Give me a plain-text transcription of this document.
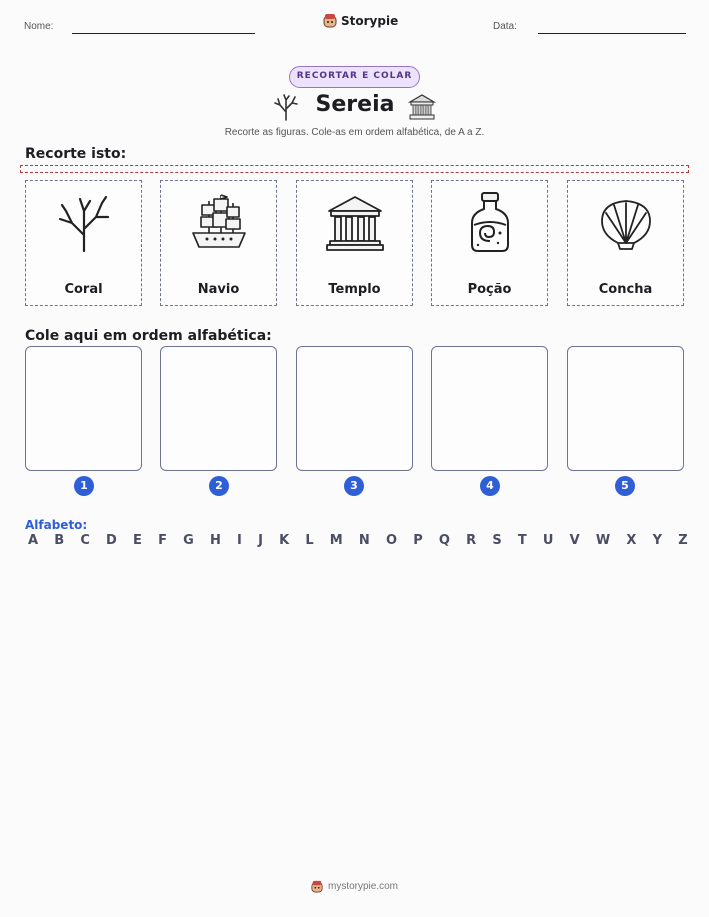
Nome:	Storypie	Data:
RECORTAR E COLAR
Sereia
Recorte as figuras. Cole-as em ordem alfabética, de A a Z.
Recorte isto:
Coral	Navio	Templo	Poção	Concha
Cole aqui em ordem alfabética:
1	2	3	4	5
Alfabeto:
A B C D E F G H I J K L M N O P Q R S T U V W X Y Z
mystorypie.com
